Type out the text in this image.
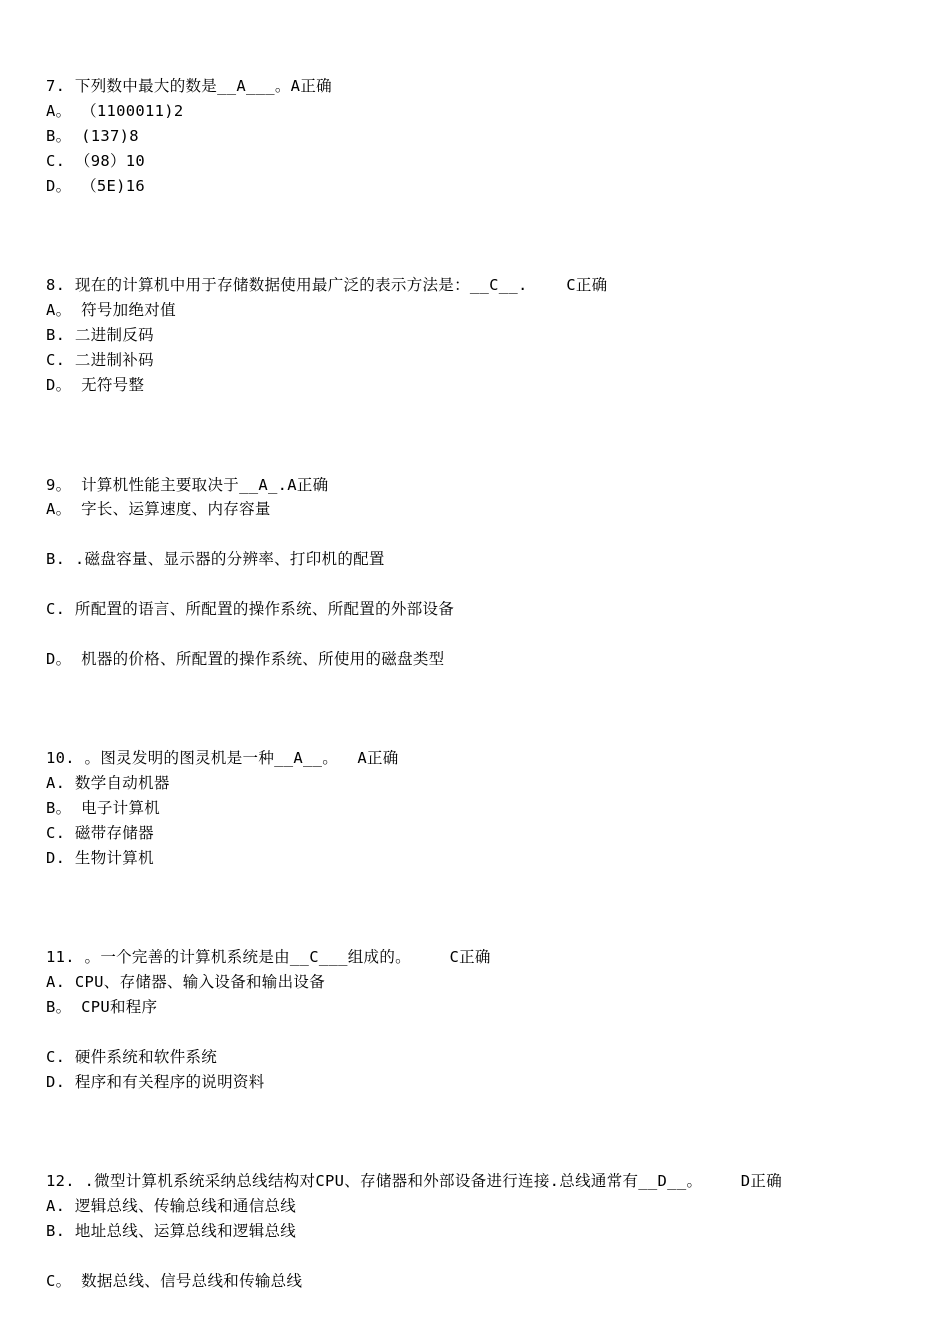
7. 下列数中最大的数是__A___。A正确
A。 （1100011)2
B。 (137)8
C. （98）10
D。 （5E)16
8. 现在的计算机中用于存储数据使用最广泛的表示方法是：__C__.    C正确
A。 符号加绝对值
B. 二进制反码
C. 二进制补码
D。 无符号整
9。 计算机性能主要取决于__A_.A正确
A。 字长、运算速度、内存容量
B. .磁盘容量、显示器的分辨率、打印机的配置
C. 所配置的语言、所配置的操作系统、所配置的外部设备
D。 机器的价格、所配置的操作系统、所使用的磁盘类型
10. 。图灵发明的图灵机是一种__A__。  A正确
A. 数学自动机器
B。 电子计算机
C. 磁带存储器
D. 生物计算机
11. 。一个完善的计算机系统是由__C___组成的。    C正确
A. CPU、存储器、输入设备和输出设备
B。 CPU和程序
C. 硬件系统和软件系统
D. 程序和有关程序的说明资料
12. .微型计算机系统采纳总线结构对CPU、存储器和外部设备进行连接.总线通常有__D__。    D正确
A. 逻辑总线、传输总线和通信总线
B. 地址总线、运算总线和逻辑总线
C。 数据总线、信号总线和传输总线
